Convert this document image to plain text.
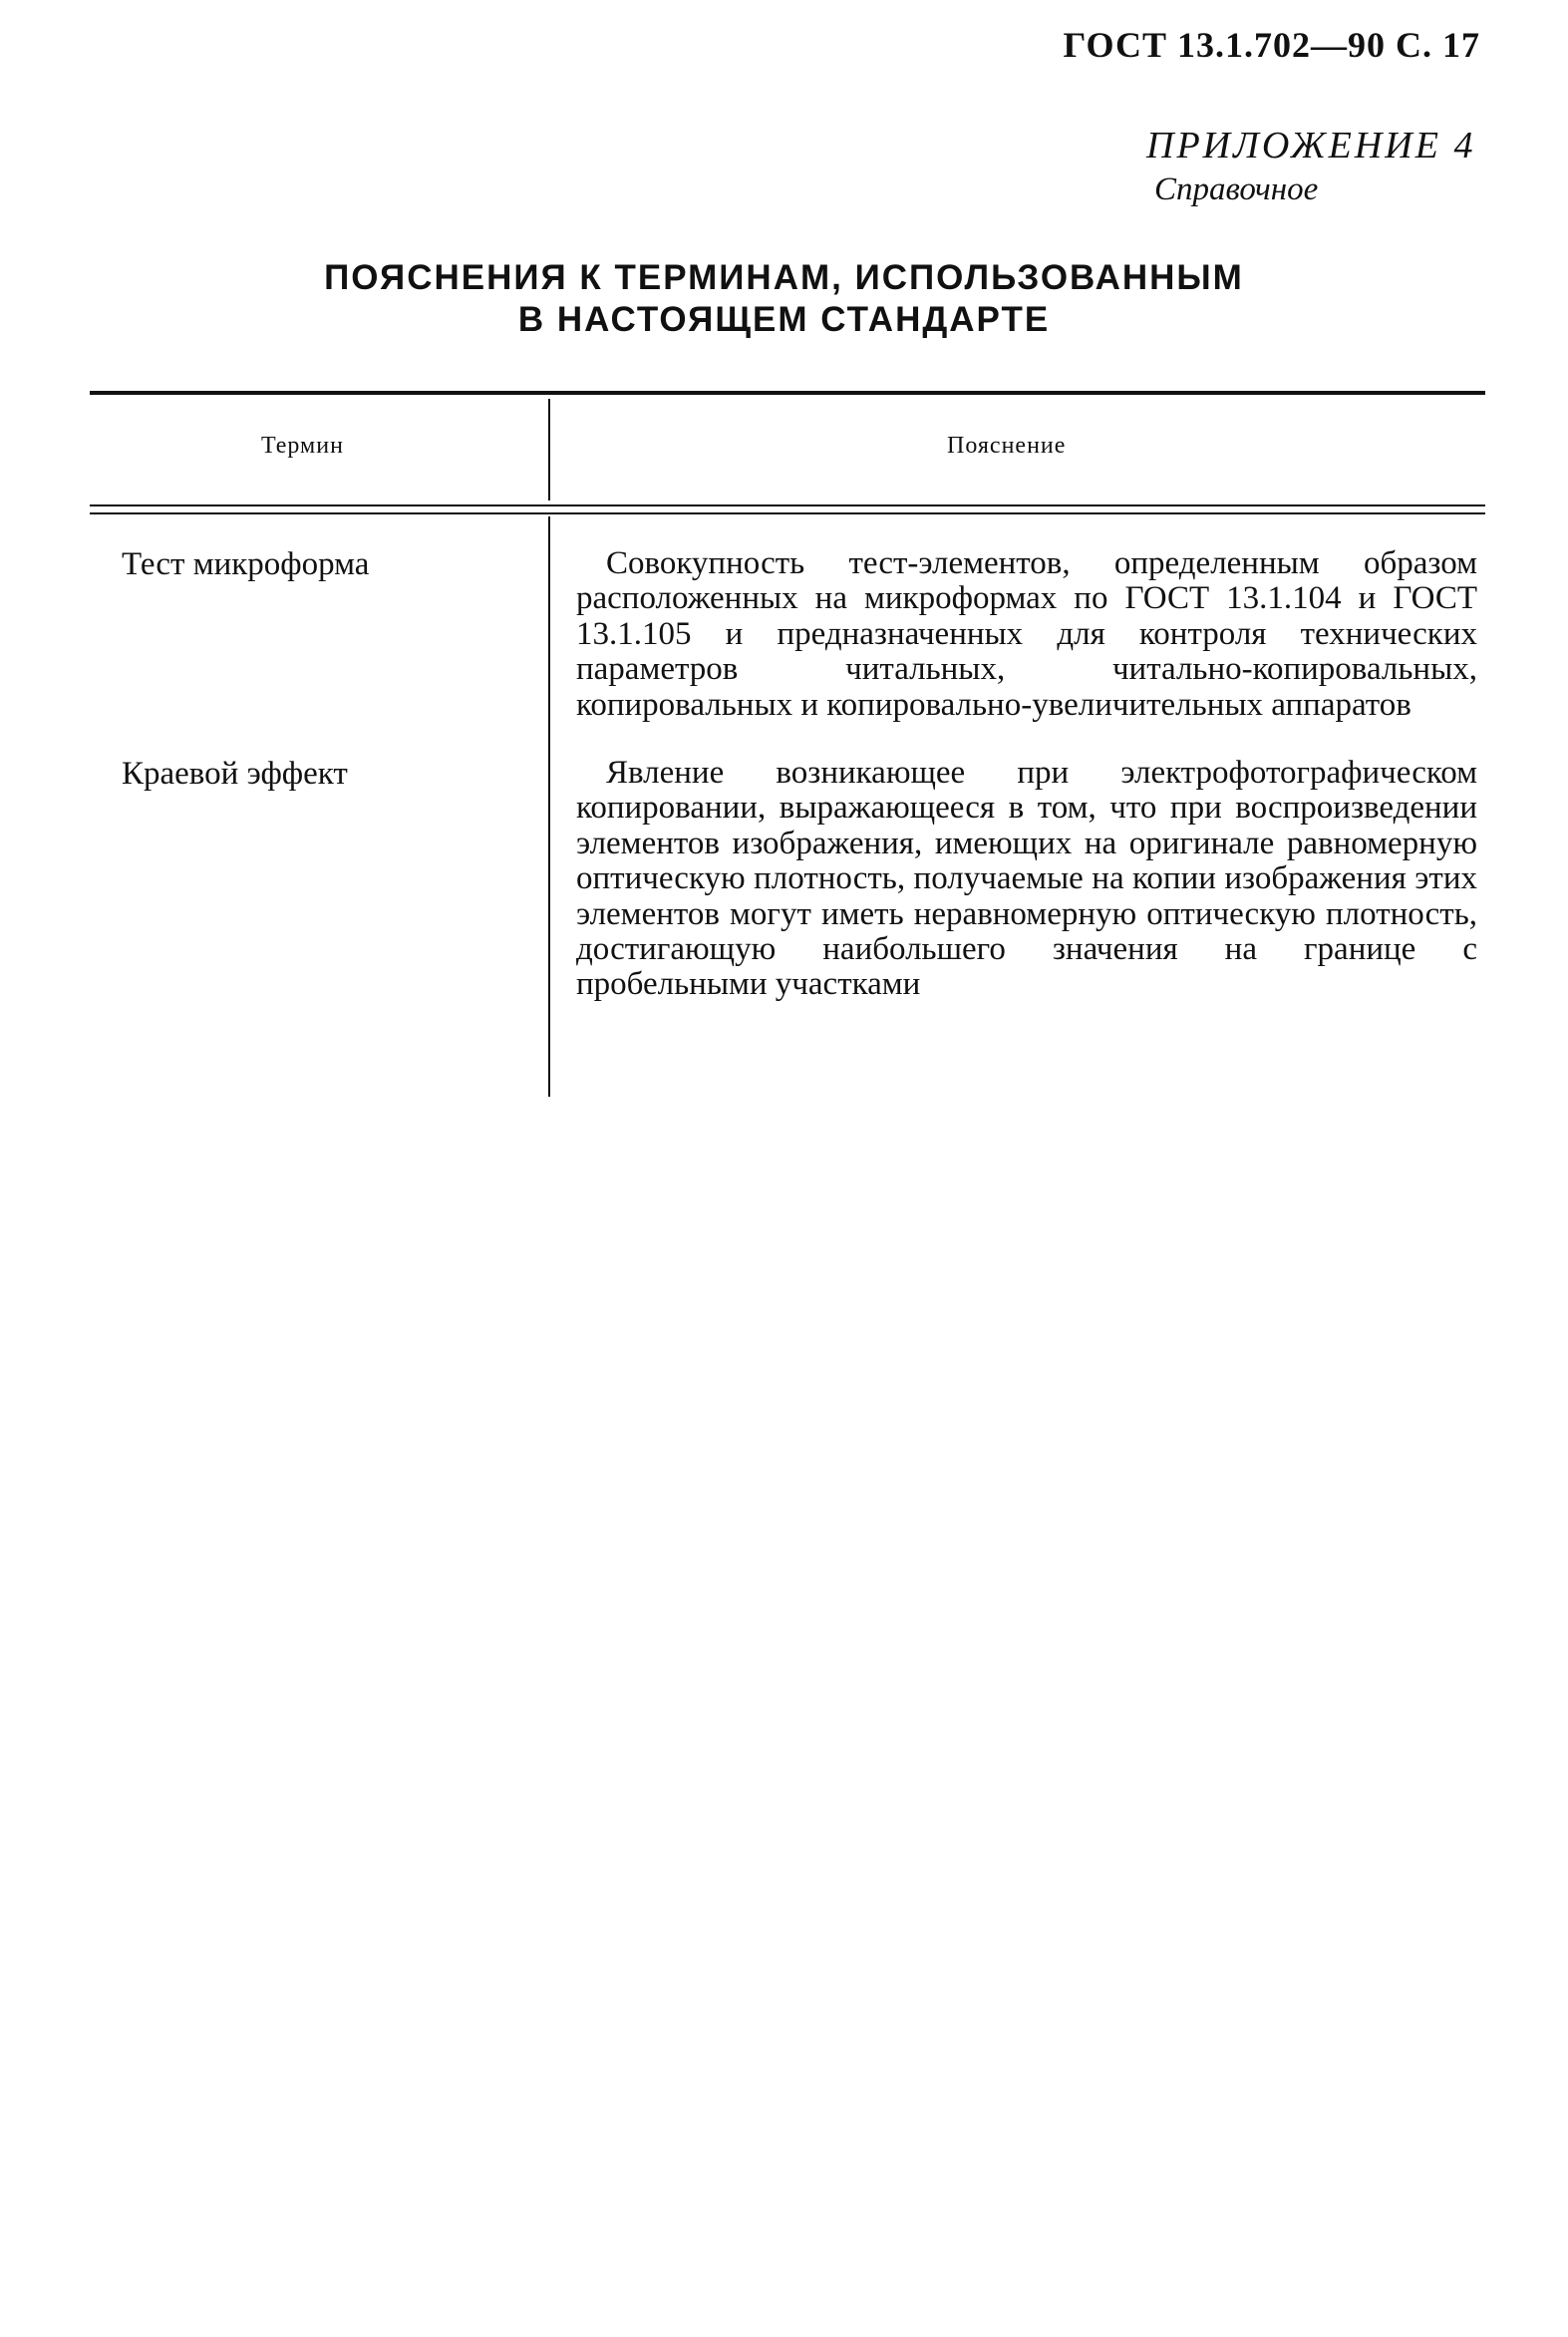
ГОСТ 13.1.702—90 С. 17
ПРИЛОЖЕНИЕ 4
Справочное
ПОЯСНЕНИЯ К ТЕРМИНАМ, ИСПОЛЬЗОВАННЫМ
В НАСТОЯЩЕМ СТАНДАРТЕ
Термин	Пояснение
Тест микроформа	Совокупность тест-элементов, определенным образом расположенных на микроформах по ГОСТ 13.1.104 и ГОСТ 13.1.105 и предназначенных для контроля технических параметров читальных, читально-копировальных, копировальных и копировально-увеличительных аппаратов
Краевой эффект	Явление возникающее при электрофотографическом копировании, выражающееся в том, что при воспроизведении элементов изображения, имеющих на оригинале равномерную оптическую плотность, получаемые на копии изображения этих элементов могут иметь неравномерную оптическую плотность, достигающую наибольшего значения на границе с пробельными участками
